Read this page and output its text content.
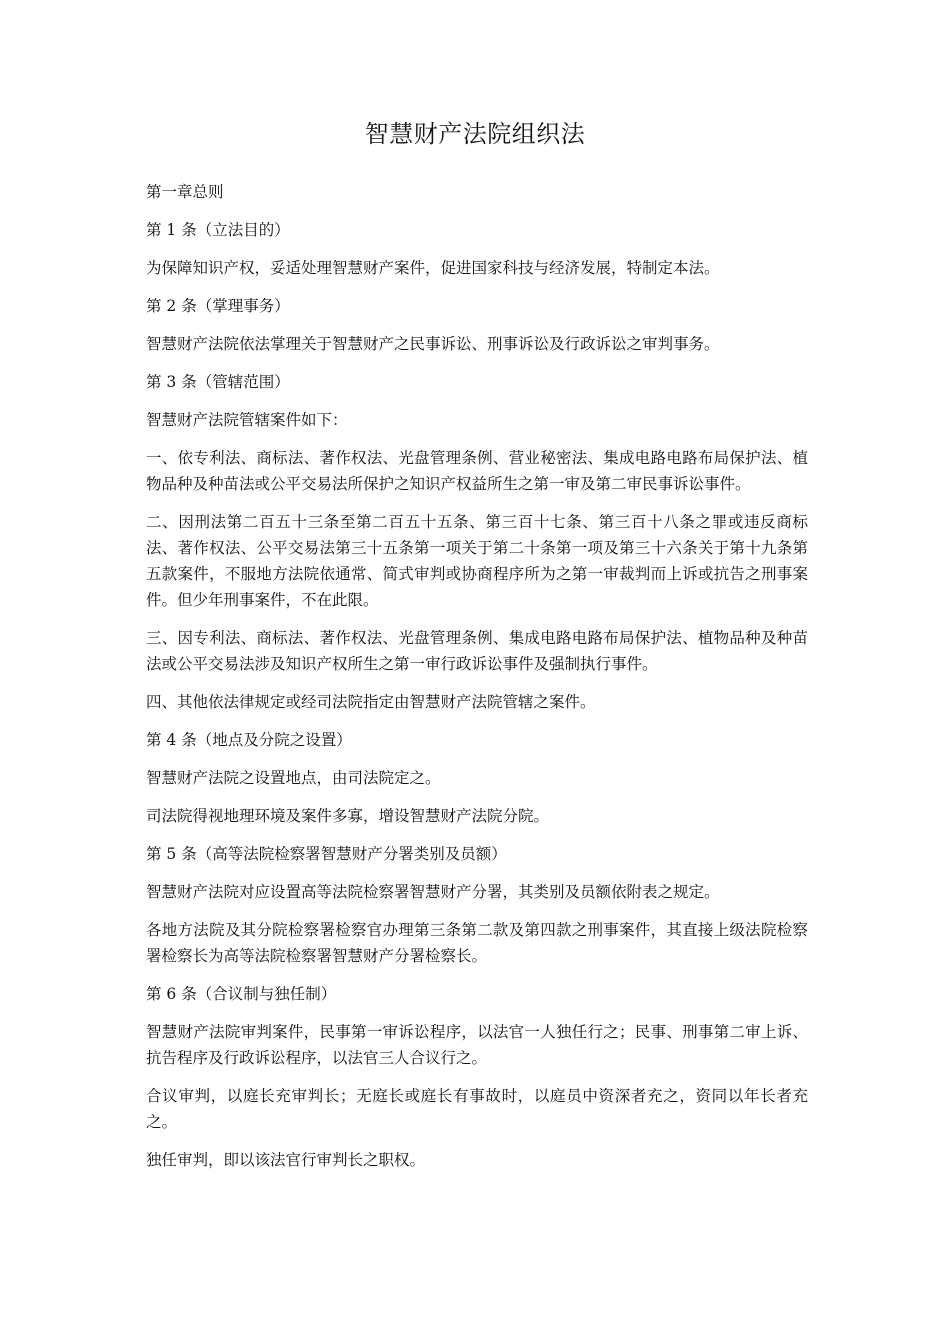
智慧财产法院组织法

第一章总则

第 1 条（立法目的）

为保障知识产权，妥适处理智慧财产案件，促进国家科技与经济发展，特制定本法。

第 2 条（掌理事务）

智慧财产法院依法掌理关于智慧财产之民事诉讼、刑事诉讼及行政诉讼之审判事务。

第 3 条（管辖范围）

智慧财产法院管辖案件如下：

一、依专利法、商标法、著作权法、光盘管理条例、营业秘密法、集成电路电路布局保护法、植物品种及种苗法或公平交易法所保护之知识产权益所生之第一审及第二审民事诉讼事件。

二、因刑法第二百五十三条至第二百五十五条、第三百十七条、第三百十八条之罪或违反商标法、著作权法、公平交易法第三十五条第一项关于第二十条第一项及第三十六条关于第十九条第五款案件，不服地方法院依通常、简式审判或协商程序所为之第一审裁判而上诉或抗告之刑事案件。但少年刑事案件，不在此限。

三、因专利法、商标法、著作权法、光盘管理条例、集成电路电路布局保护法、植物品种及种苗法或公平交易法涉及知识产权所生之第一审行政诉讼事件及强制执行事件。

四、其他依法律规定或经司法院指定由智慧财产法院管辖之案件。

第 4 条（地点及分院之设置）

智慧财产法院之设置地点，由司法院定之。

司法院得视地理环境及案件多寡，增设智慧财产法院分院。

第 5 条（高等法院检察署智慧财产分署类别及员额）

智慧财产法院对应设置高等法院检察署智慧财产分署，其类别及员额依附表之规定。

各地方法院及其分院检察署检察官办理第三条第二款及第四款之刑事案件，其直接上级法院检察署检察长为高等法院检察署智慧财产分署检察长。

第 6 条（合议制与独任制）

智慧财产法院审判案件，民事第一审诉讼程序，以法官一人独任行之；民事、刑事第二审上诉、抗告程序及行政诉讼程序，以法官三人合议行之。

合议审判，以庭长充审判长；无庭长或庭长有事故时，以庭员中资深者充之，资同以年长者充之。

独任审判，即以该法官行审判长之职权。
